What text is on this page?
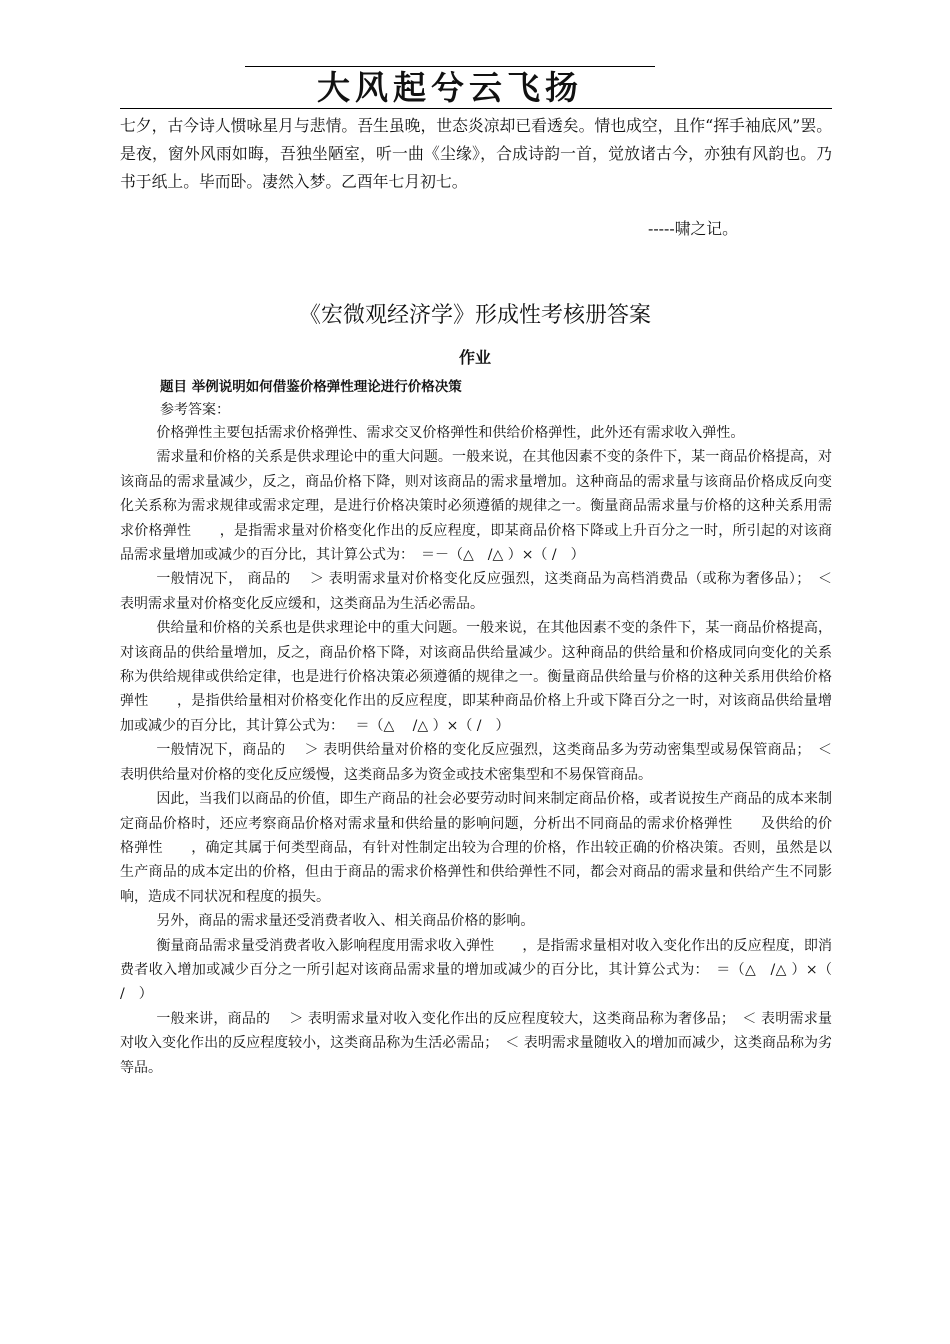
大风起兮云飞扬
七夕，古今诗人惯咏星月与悲情。吾生虽晚，世态炎凉却已看透矣。情也成空，且作“挥手袖底风”罢。是夜，窗外风雨如晦，吾独坐陋室，听一曲《尘缘》，合成诗韵一首，觉放诸古今，亦独有风韵也。乃书于纸上。毕而卧。凄然入梦。乙酉年七月初七。
-----啸之记。
《宏微观经济学》形成性考核册答案
作业
题目 举例说明如何借鉴价格弹性理论进行价格决策
参考答案：

价格弹性主要包括需求价格弹性、需求交叉价格弹性和供给价格弹性，此外还有需求收入弹性。

需求量和价格的关系是供求理论中的重大问题。一般来说，在其他因素不变的条件下，某一商品价格提高，对该商品的需求量减少，反之，商品价格下降，则对该商品的需求量增加。这种商品的需求量与该商品价格成反向变化关系称为需求规律或需求定理，是进行价格决策时必须遵循的规律之一。衡量商品需求量与价格的这种关系用需求价格弹性　　，是指需求量对价格变化作出的反应程度，即某商品价格下降或上升百分之一时，所引起的对该商品需求量增加或减少的百分比，其计算公式为：　＝－（△　/△ ）×（ /　）

一般情况下， 商品的　 ＞ 表明需求量对价格变化反应强烈，这类商品为高档消费品（或称为奢侈品）；　＜ 表明需求量对价格变化反应缓和，这类商品为生活必需品。

供给量和价格的关系也是供求理论中的重大问题。一般来说，在其他因素不变的条件下，某一商品价格提高，对该商品的供给量增加，反之，商品价格下降，对该商品供给量减少。这种商品的供给量和价格成同向变化的关系称为供给规律或供给定律，也是进行价格决策必须遵循的规律之一。衡量商品供给量与价格的这种关系用供给价格弹性　　，是指供给量相对价格变化作出的反应程度，即某种商品价格上升或下降百分之一时，对该商品供给量增加或减少的百分比，其计算公式为：　 ＝（△　 /△ ）×（ /　）

一般情况下，商品的　 ＞ 表明供给量对价格的变化反应强烈，这类商品多为劳动密集型或易保管商品；　＜ 表明供给量对价格的变化反应缓慢，这类商品多为资金或技术密集型和不易保管商品。

因此，当我们以商品的价值，即生产商品的社会必要劳动时间来制定商品价格，或者说按生产商品的成本来制定商品价格时，还应考察商品价格对需求量和供给量的影响问题，分析出不同商品的需求价格弹性　　及供给的价格弹性　　，确定其属于何类型商品，有针对性制定出较为合理的价格，作出较正确的价格决策。否则，虽然是以生产商品的成本定出的价格，但由于商品的需求价格弹性和供给弹性不同，都会对商品的需求量和供给产生不同影响，造成不同状况和程度的损失。

另外，商品的需求量还受消费者收入、相关商品价格的影响。

衡量商品需求量受消费者收入影响程度用需求收入弹性　　，是指需求量相对收入变化作出的反应程度，即消费者收入增加或减少百分之一所引起对该商品需求量的增加或减少的百分比，其计算公式为：　＝（△　/△ ）×（ /　）

一般来讲，商品的　 ＞ 表明需求量对收入变化作出的反应程度较大，这类商品称为奢侈品；　＜ 表明需求量对收入变化作出的反应程度较小，这类商品称为生活必需品；　＜ 表明需求量随收入的增加而减少，这类商品称为劣等品。
